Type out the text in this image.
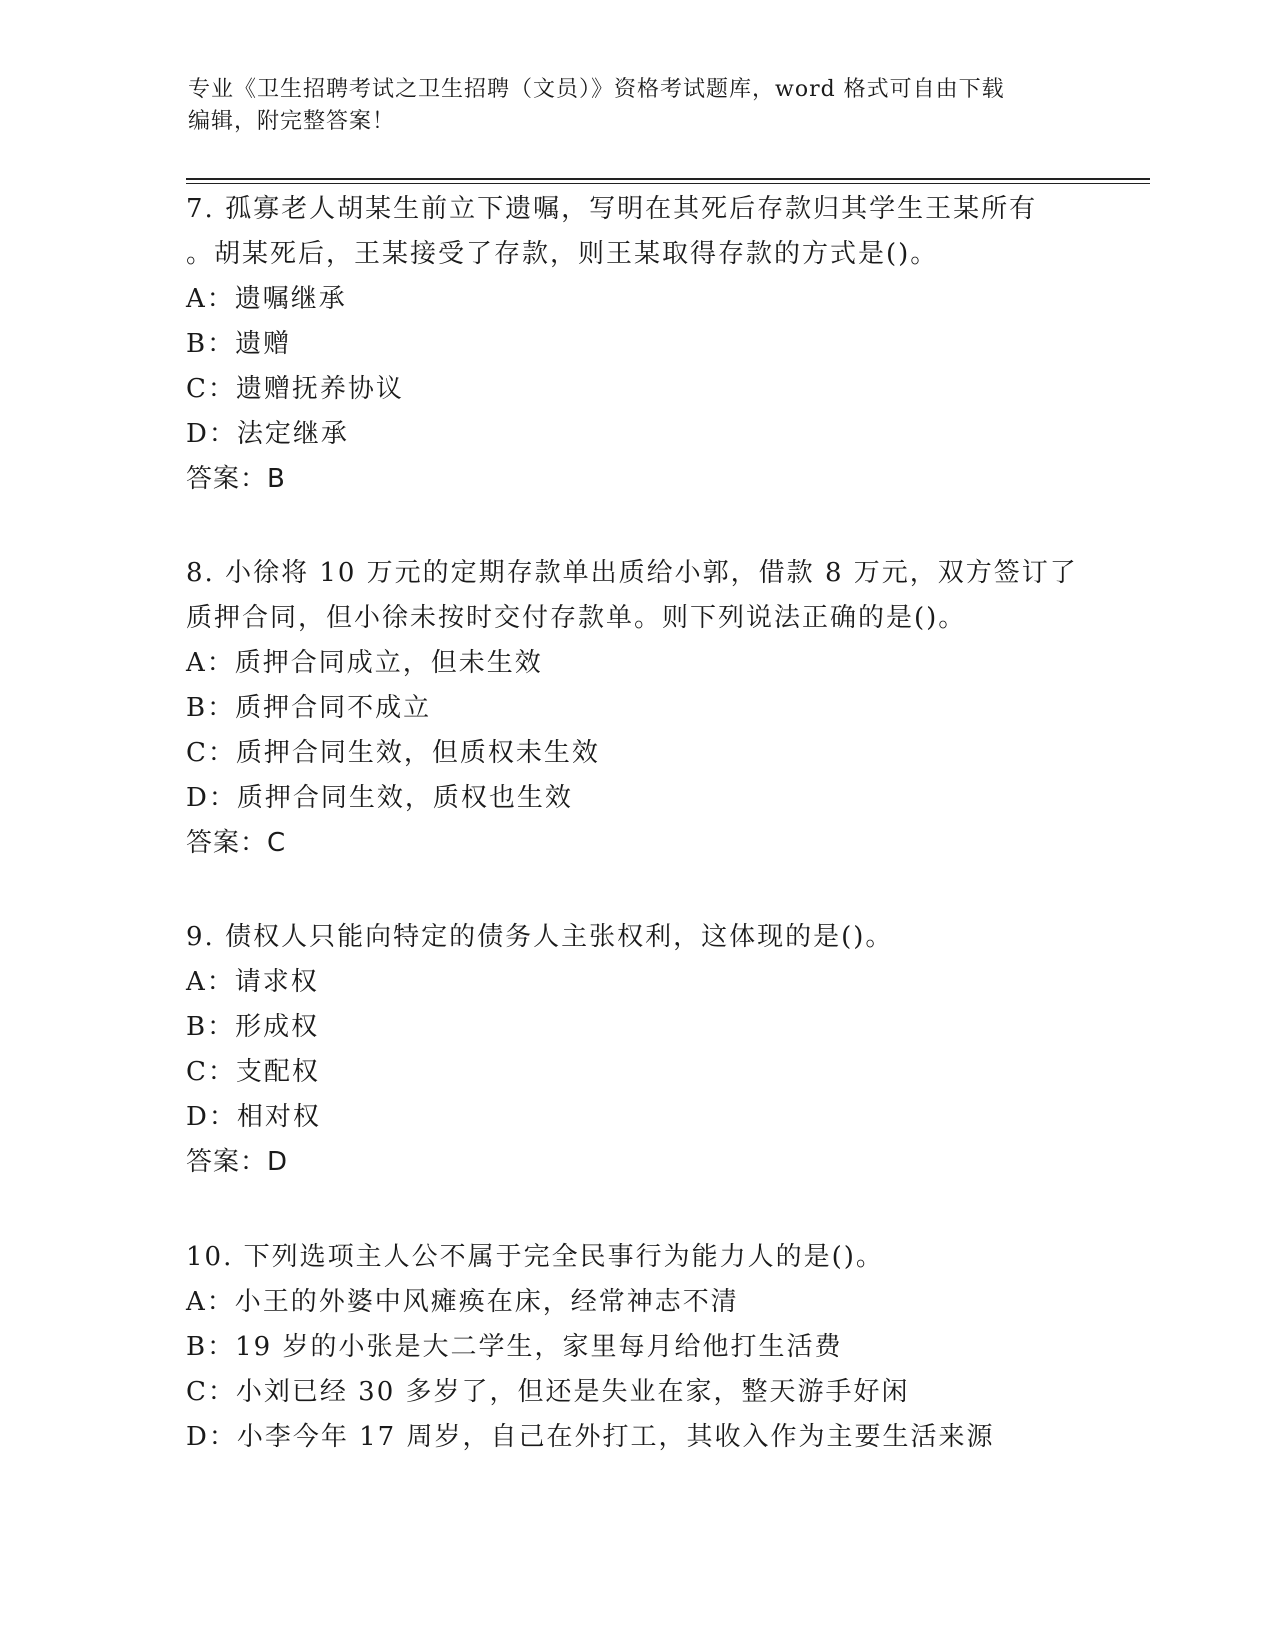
专业《卫生招聘考试之卫生招聘（文员）》资格考试题库，word 格式可自由下载

编辑，附完整答案！

7. 孤寡老人胡某生前立下遗嘱，写明在其死后存款归其学生王某所有

。胡某死后，王某接受了存款，则王某取得存款的方式是()。

A：遗嘱继承
B：遗赠
C：遗赠抚养协议
D：法定继承

答案：B

8. 小徐将 10 万元的定期存款单出质给小郭，借款 8 万元，双方签订了

质押合同，但小徐未按时交付存款单。则下列说法正确的是()。

A：质押合同成立，但未生效
B：质押合同不成立
C：质押合同生效，但质权未生效
D：质押合同生效，质权也生效

答案：C

9. 债权人只能向特定的债务人主张权利，这体现的是()。

A：请求权
B：形成权
C：支配权
D：相对权

答案：D

10. 下列选项主人公不属于完全民事行为能力人的是()。

A：小王的外婆中风瘫痪在床，经常神志不清
B：19 岁的小张是大二学生，家里每月给他打生活费
C：小刘已经 30 多岁了，但还是失业在家，整天游手好闲
D：小李今年 17 周岁，自己在外打工，其收入作为主要生活来源
